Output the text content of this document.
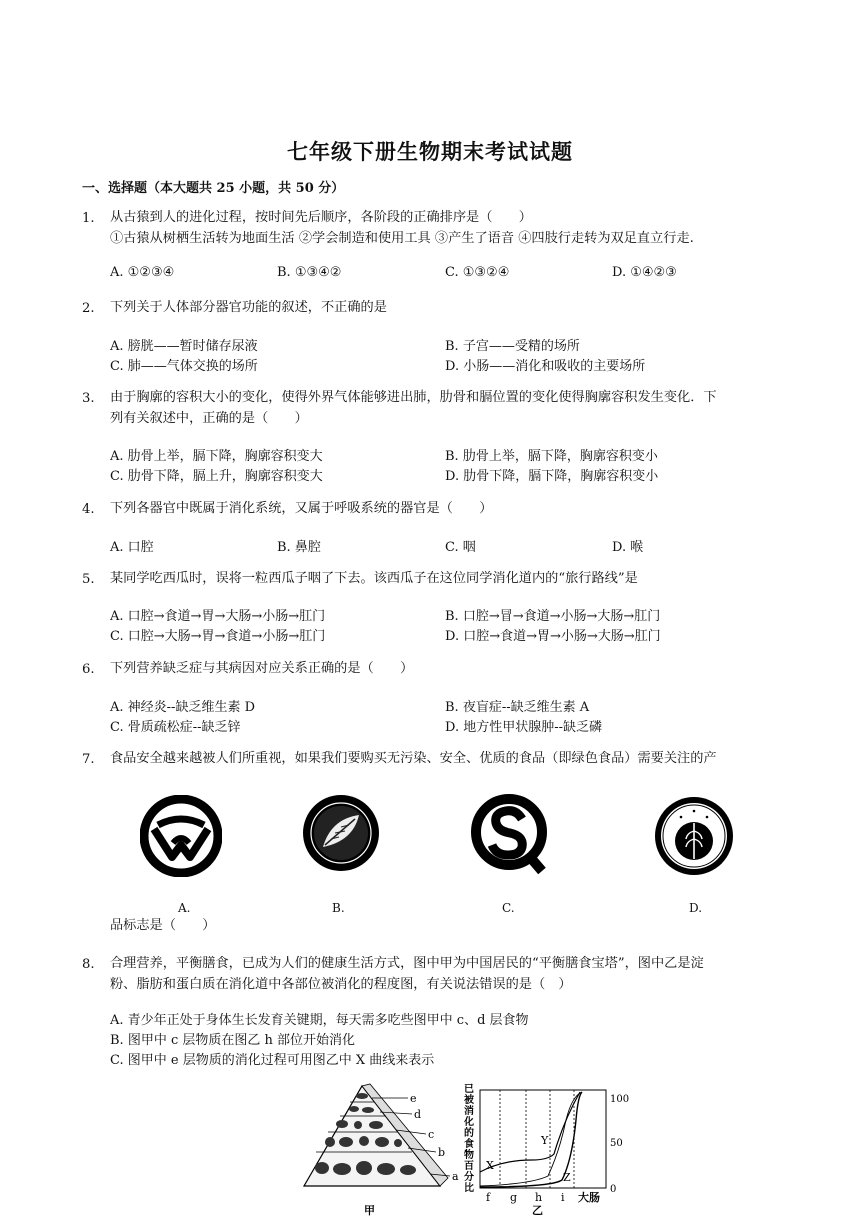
七年级下册生物期末考试试题
一、选择题（本大题共 25 小题，共 50 分）
1. 从古猿到人的进化过程，按时间先后顺序，各阶段的正确排序是（　　）
①古猿从树栖生活转为地面生活 ②学会制造和使用工具 ③产生了语音 ④四肢行走转为双足直立行走.
A. ①②③④	B. ①③④②	C. ①③②④	D. ①④②③
2. 下列关于人体部分器官功能的叙述，不正确的是
A. 膀胱——暂时储存尿液	B. 子宫——受精的场所
C. 肺——气体交换的场所	D. 小肠——消化和吸收的主要场所
3. 由于胸廓的容积大小的变化，使得外界气体能够进出肺，肋骨和膈位置的变化使得胸廓容积发生变化．下
列有关叙述中，正确的是（　　）
A. 肋骨上举，膈下降，胸廓容积变大	B. 肋骨上举，膈下降，胸廓容积变小
C. 肋骨下降，膈上升，胸廓容积变大	D. 肋骨下降，膈下降，胸廓容积变小
4. 下列各器官中既属于消化系统，又属于呼吸系统的器官是（　　）
A. 口腔	B. 鼻腔	C. 咽	D. 喉
5. 某同学吃西瓜时，误将一粒西瓜子咽了下去。该西瓜子在这位同学消化道内的“旅行路线”是
A. 口腔→食道→胃→大肠→小肠→肛门	B. 口腔→冒→食道→小肠→大肠→肛门
C. 口腔→大肠→胃→食道→小肠→肛门	D. 口腔→食道→胃→小肠→大肠→肛门
6. 下列营养缺乏症与其病因对应关系正确的是（　　）
A. 神经炎--缺乏维生素 D	B. 夜盲症--缺乏维生素 A
C. 骨质疏松症--缺乏锌	D. 地方性甲状腺肿--缺乏磷
7. 食品安全越来越被人们所重视，如果我们要购买无污染、安全、优质的食品（即绿色食品）需要关注的产
A.	B.	C.	D.
品标志是（　　）
8. 合理营养，平衡膳食，已成为人们的健康生活方式，图中甲为中国居民的“平衡膳食宝塔”，图中乙是淀
粉、脂肪和蛋白质在消化道中各部位被消化的程度图，有关说法错误的是（　）
A. 青少年正处于身体生长发育关键期，每天需多吃些图甲中 c、d 层食物
B. 图甲中 c 层物质在图乙 h 部位开始消化
C. 图甲中 e 层物质的消化过程可用图乙中 X 曲线来表示
e
d
c
b
a
甲	乙
已
被
消
化
的
食
物
百
分
比
X
Y
Z
100
50
0
f g h i 大肠
